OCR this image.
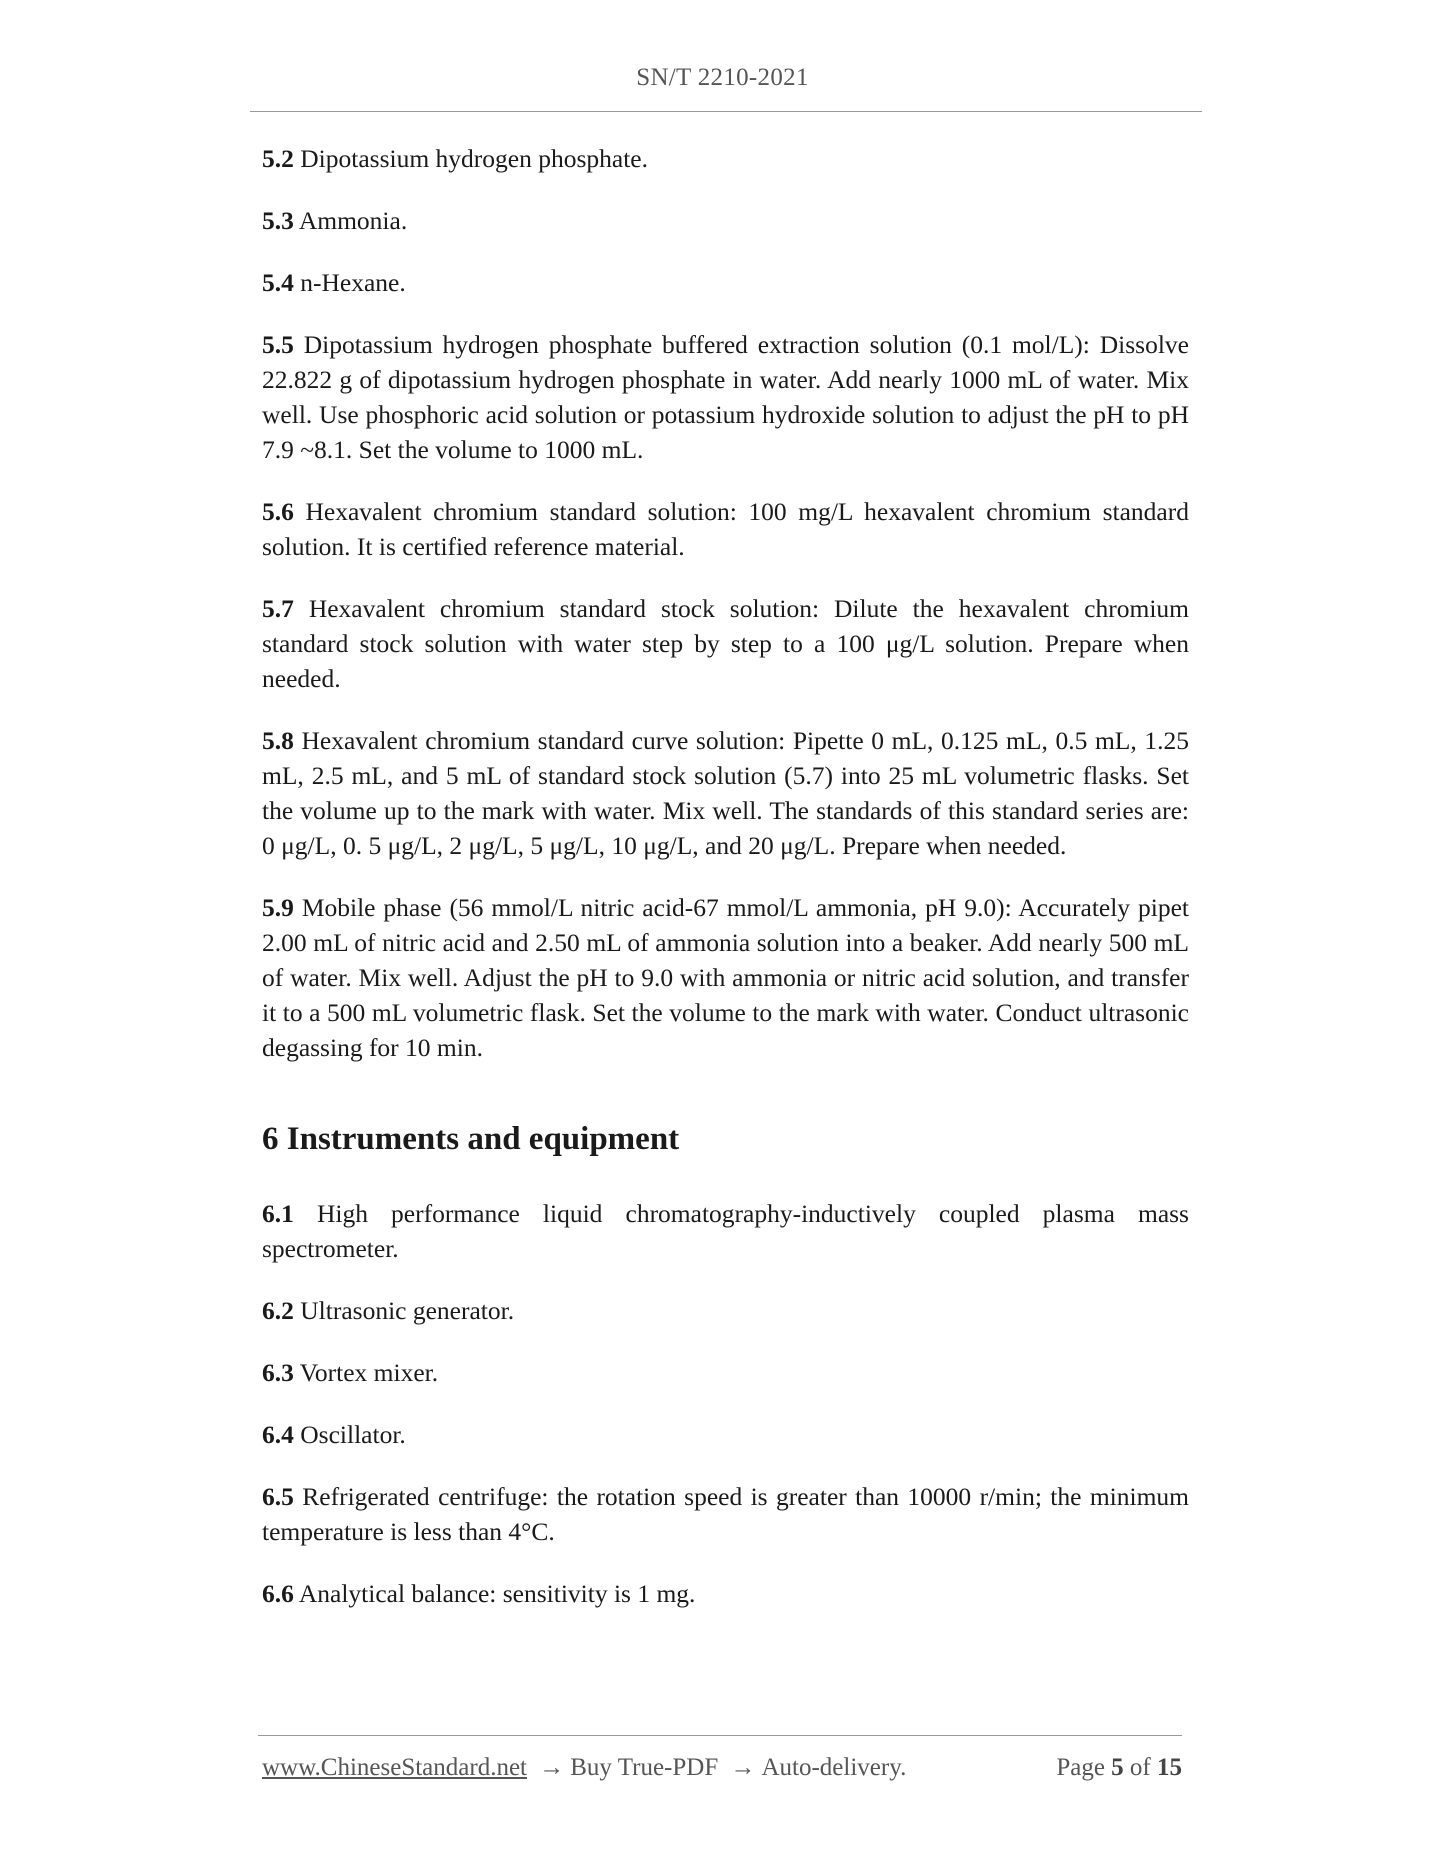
SN/T 2210-2021

5.2 Dipotassium hydrogen phosphate.

5.3 Ammonia.

5.4 n-Hexane.

5.5 Dipotassium hydrogen phosphate buffered extraction solution (0.1 mol/L): Dissolve 22.822 g of dipotassium hydrogen phosphate in water. Add nearly 1000 mL of water. Mix well. Use phosphoric acid solution or potassium hydroxide solution to adjust the pH to pH 7.9 ~8.1. Set the volume to 1000 mL.

5.6 Hexavalent chromium standard solution: 100 mg/L hexavalent chromium standard solution. It is certified reference material.

5.7 Hexavalent chromium standard stock solution: Dilute the hexavalent chromium standard stock solution with water step by step to a 100 μg/L solution. Prepare when needed.

5.8 Hexavalent chromium standard curve solution: Pipette 0 mL, 0.125 mL, 0.5 mL, 1.25 mL, 2.5 mL, and 5 mL of standard stock solution (5.7) into 25 mL volumetric flasks. Set the volume up to the mark with water. Mix well. The standards of this standard series are: 0 μg/L, 0. 5 μg/L, 2 μg/L, 5 μg/L, 10 μg/L, and 20 μg/L. Prepare when needed.

5.9 Mobile phase (56 mmol/L nitric acid-67 mmol/L ammonia, pH 9.0): Accurately pipet 2.00 mL of nitric acid and 2.50 mL of ammonia solution into a beaker. Add nearly 500 mL of water. Mix well. Adjust the pH to 9.0 with ammonia or nitric acid solution, and transfer it to a 500 mL volumetric flask. Set the volume to the mark with water. Conduct ultrasonic degassing for 10 min.

6 Instruments and equipment

6.1 High performance liquid chromatography-inductively coupled plasma mass spectrometer.

6.2 Ultrasonic generator.

6.3 Vortex mixer.

6.4 Oscillator.

6.5 Refrigerated centrifuge: the rotation speed is greater than 10000 r/min; the minimum temperature is less than 4°C.

6.6 Analytical balance: sensitivity is 1 mg.

www.ChineseStandard.net → Buy True-PDF → Auto-delivery.	Page 5 of 15
